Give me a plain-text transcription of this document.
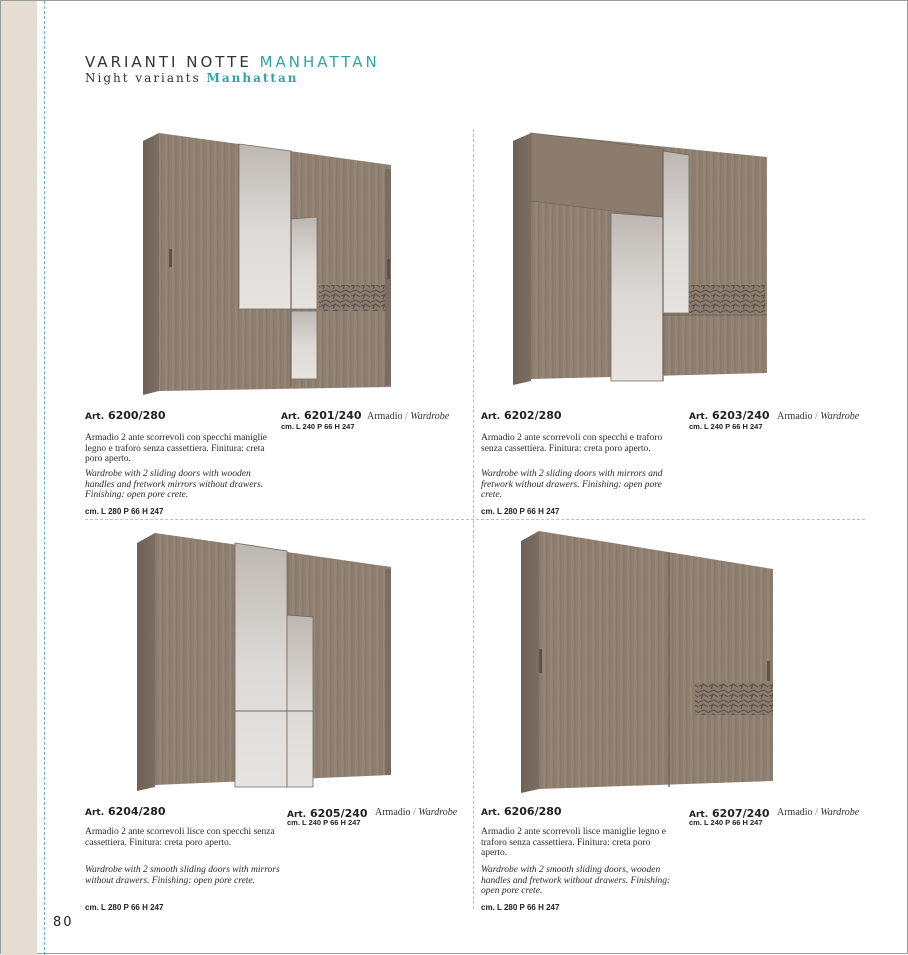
VARIANTI NOTTE MANHATTAN
Night variants Manhattan
Art. 6200/280	Art. 6201/240 Armadio / Wardrobe
cm. L 240 P 66 H 247
Armadio 2 ante scorrevoli con specchi maniglie legno e traforo senza cassettiera. Finitura: creta poro aperto.
Wardrobe with 2 sliding doors with wooden handles and fretwork mirrors without drawers. Finishing: open pore crete.
cm. L 280 P 66 H 247
Art. 6202/280	Art. 6203/240 Armadio / Wardrobe
cm. L 240 P 66 H 247
Armadio 2 ante scorrevoli con specchi e traforo senza cassettiera. Finitura: creta poro aperto.
Wardrobe with 2 sliding doors with mirrors and fretwork without drawers. Finishing: open pore crete.
cm. L 280 P 66 H 247
Art. 6204/280	Art. 6205/240 Armadio / Wardrobe
cm. L 240 P 66 H 247
Armadio 2 ante scorrevoli lisce con specchi senza cassettiera. Finitura: creta poro aperto.
Wardrobe with 2 smooth sliding doors with mirrors without drawers. Finishing: open pore crete.
cm. L 280 P 66 H 247
Art. 6206/280	Art. 6207/240 Armadio / Wardrobe
cm. L 240 P 66 H 247
Armadio 2 ante scorrevoli lisce maniglie legno e traforo senza cassettiera. Finitura: creta poro aperto.
Wardrobe with 2 smooth sliding doors, wooden handles and fretwork without drawers. Finishing: open pore crete.
cm. L 280 P 66 H 247
80
